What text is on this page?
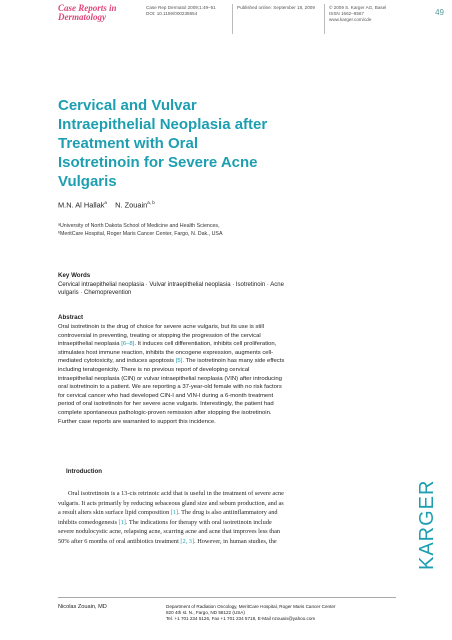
Case Reports in
Dermatology
Case Rep Dermatol 2009;1:49–51
DOI: 10.1159/000238654
Published online: September 18, 2009	© 2009 S. Karger AG, Basel
ISSN 1662–6567
www.karger.com/cde
49
Cervical and Vulvar
Intraepithelial Neoplasia after
Treatment with Oral
Isotretinoin for Severe Acne
Vulgaris
M.N. Al Hallak$^a$ N. Zouain$^{a, b}$
ᵃUniversity of North Dakota School of Medicine and Health Sciences,
ᵇMeritCare Hospital, Roger Maris Cancer Center, Fargo, N. Dak., USA
Key Words
Cervical intraepithelial neoplasia · Vulvar intraepithelial neoplasia · Isotretinoin · Acne
vulgaris · Chemoprevention
Abstract
Oral isotretinoin is the drug of choice for severe acne vulgaris, but its use is still
controversial in preventing, treating or stopping the progression of the cervical
intraepithelial neoplasia [6–8]. It induces cell differentiation, inhibits cell proliferation,
stimulates host immune reaction, inhibits the oncogene expression, augments cell-
mediated cytotoxicity, and induces apoptosis [5]. The isotretinoin has many side effects
including teratogenicity. There is no previous report of developing cervical
intraepithelial neoplasia (CIN) or vulvar intraepithelial neoplasia (VIN) after introducing
oral isotretinoin to a patient. We are reporting a 37-year-old female with no risk factors
for cervical cancer who had developed CIN-I and VIN-I during a 6-month treatment
period of oral isotretinoin for her severe acne vulgaris. Interestingly, the patient had
complete spontaneous pathologic-proven remission after stopping the isotretinoin.
Further case reports are warranted to support this incidence.
KARGER
Introduction
Oral isotretinoin is a 13-cis retrinoic acid that is useful in the treatment of severe acne
vulgaris. It acts primarily by reducing sebaceous gland size and sebum production, and as
a result alters skin surface lipid composition [1]. The drug is also antiinflammatory and
inhibits comedogenesis [1]. The indications for therapy with oral isotretinoin include
severe nodulocystic acne, relapsing acne, scarring acne and acne that improves less than
50% after 6 months of oral antibiotics treatment [2, 3]. However, in human studies, the
Nicolas Zouain, MD	Department of Radiation Oncology, MeritCare Hospital, Roger Maris Cancer Center
820 4th st. N., Fargo, ND 58122 (USA)
Tel. +1 701 234 5126, Fax +1 701 234 5718, E-Mail nzouain@yahoo.com
